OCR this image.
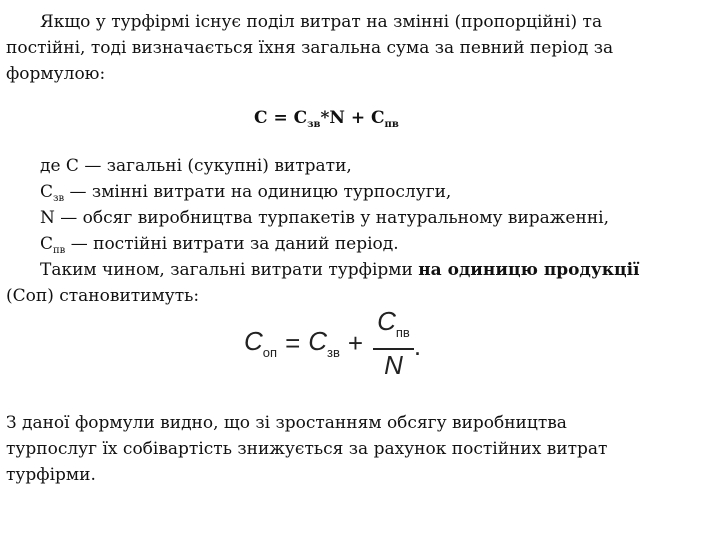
Якщо у турфірмі існує поділ витрат на змінні (пропорційні) та
постійні, тоді визначається їхня загальна сума за певний період за
формулою:
$С = С_{зв}*N + С_{пв}$
де С — загальні (сукупні) витрати,
$С_{зв}$ — змінні витрати на одиницю турпослуги,
N — обсяг виробництва турпакетів у натуральному вираженні,
$С_{пв}$ — постійні витрати за даний період.
Таким чином, загальні витрати турфірми на одиницю продукції
(Соп) становитимуть:
$C_{оп} = C_{зв} + \frac{C_{пв}}{N}$ .
З даної формули видно, що зі зростанням обсягу виробництва
турпослуг їх собівартість знижується за рахунок постійних витрат
турфірми.
